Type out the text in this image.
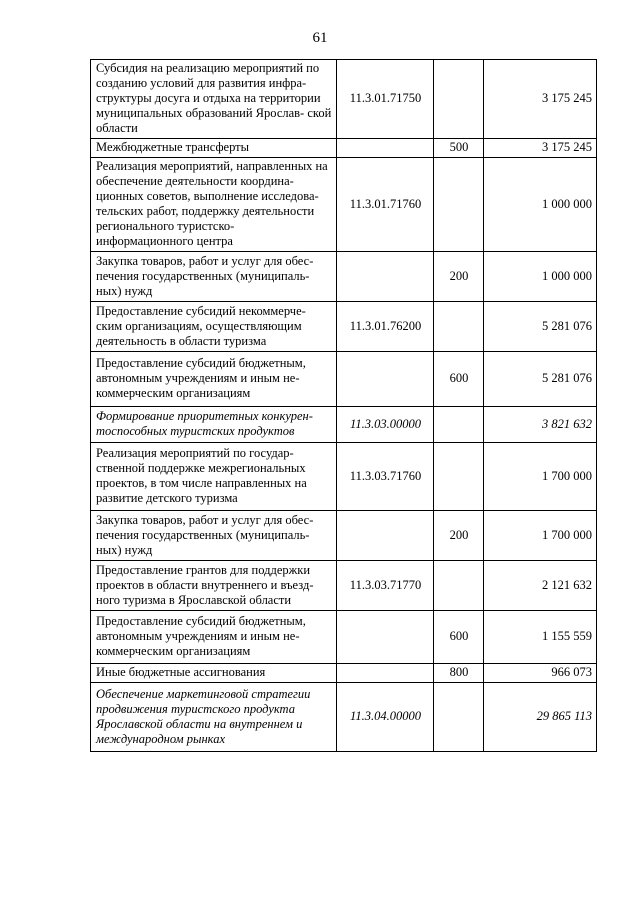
61
Субсидия на реализацию мероприятий по созданию условий для развития инфра- структуры досуга и отдыха на территории муниципальных образований Ярослав- ской области	11.3.01.71750		3 175 245
Межбюджетные трансферты		500	3 175 245
Реализация мероприятий, направленных на обеспечение деятельности координа- ционных советов, выполнение исследова- тельских работ, поддержку деятельности регионального туристско- информационного центра	11.3.01.71760		1 000 000
Закупка товаров, работ и услуг для обес- печения государственных (муниципаль- ных) нужд		200	1 000 000
Предоставление субсидий некоммерче- ским организациям, осуществляющим деятельность в области туризма	11.3.01.76200		5 281 076
Предоставление субсидий бюджетным, автономным учреждениям и иным не- коммерческим организациям		600	5 281 076
Формирование приоритетных конкурен- тоспособных туристских продуктов	11.3.03.00000		3 821 632
Реализация мероприятий по государ- ственной поддержке межрегиональных проектов, в том числе направленных на развитие детского туризма	11.3.03.71760		1 700 000
Закупка товаров, работ и услуг для обес- печения государственных (муниципаль- ных) нужд		200	1 700 000
Предоставление грантов для поддержки проектов в области внутреннего и въезд- ного туризма в Ярославской области	11.3.03.71770		2 121 632
Предоставление субсидий бюджетным, автономным учреждениям и иным не- коммерческим организациям		600	1 155 559
Иные бюджетные ассигнования		800	966 073
Обеспечение маркетинговой стратегии продвижения туристского продукта Ярославской области на внутреннем и международном рынках	11.3.04.00000		29 865 113
